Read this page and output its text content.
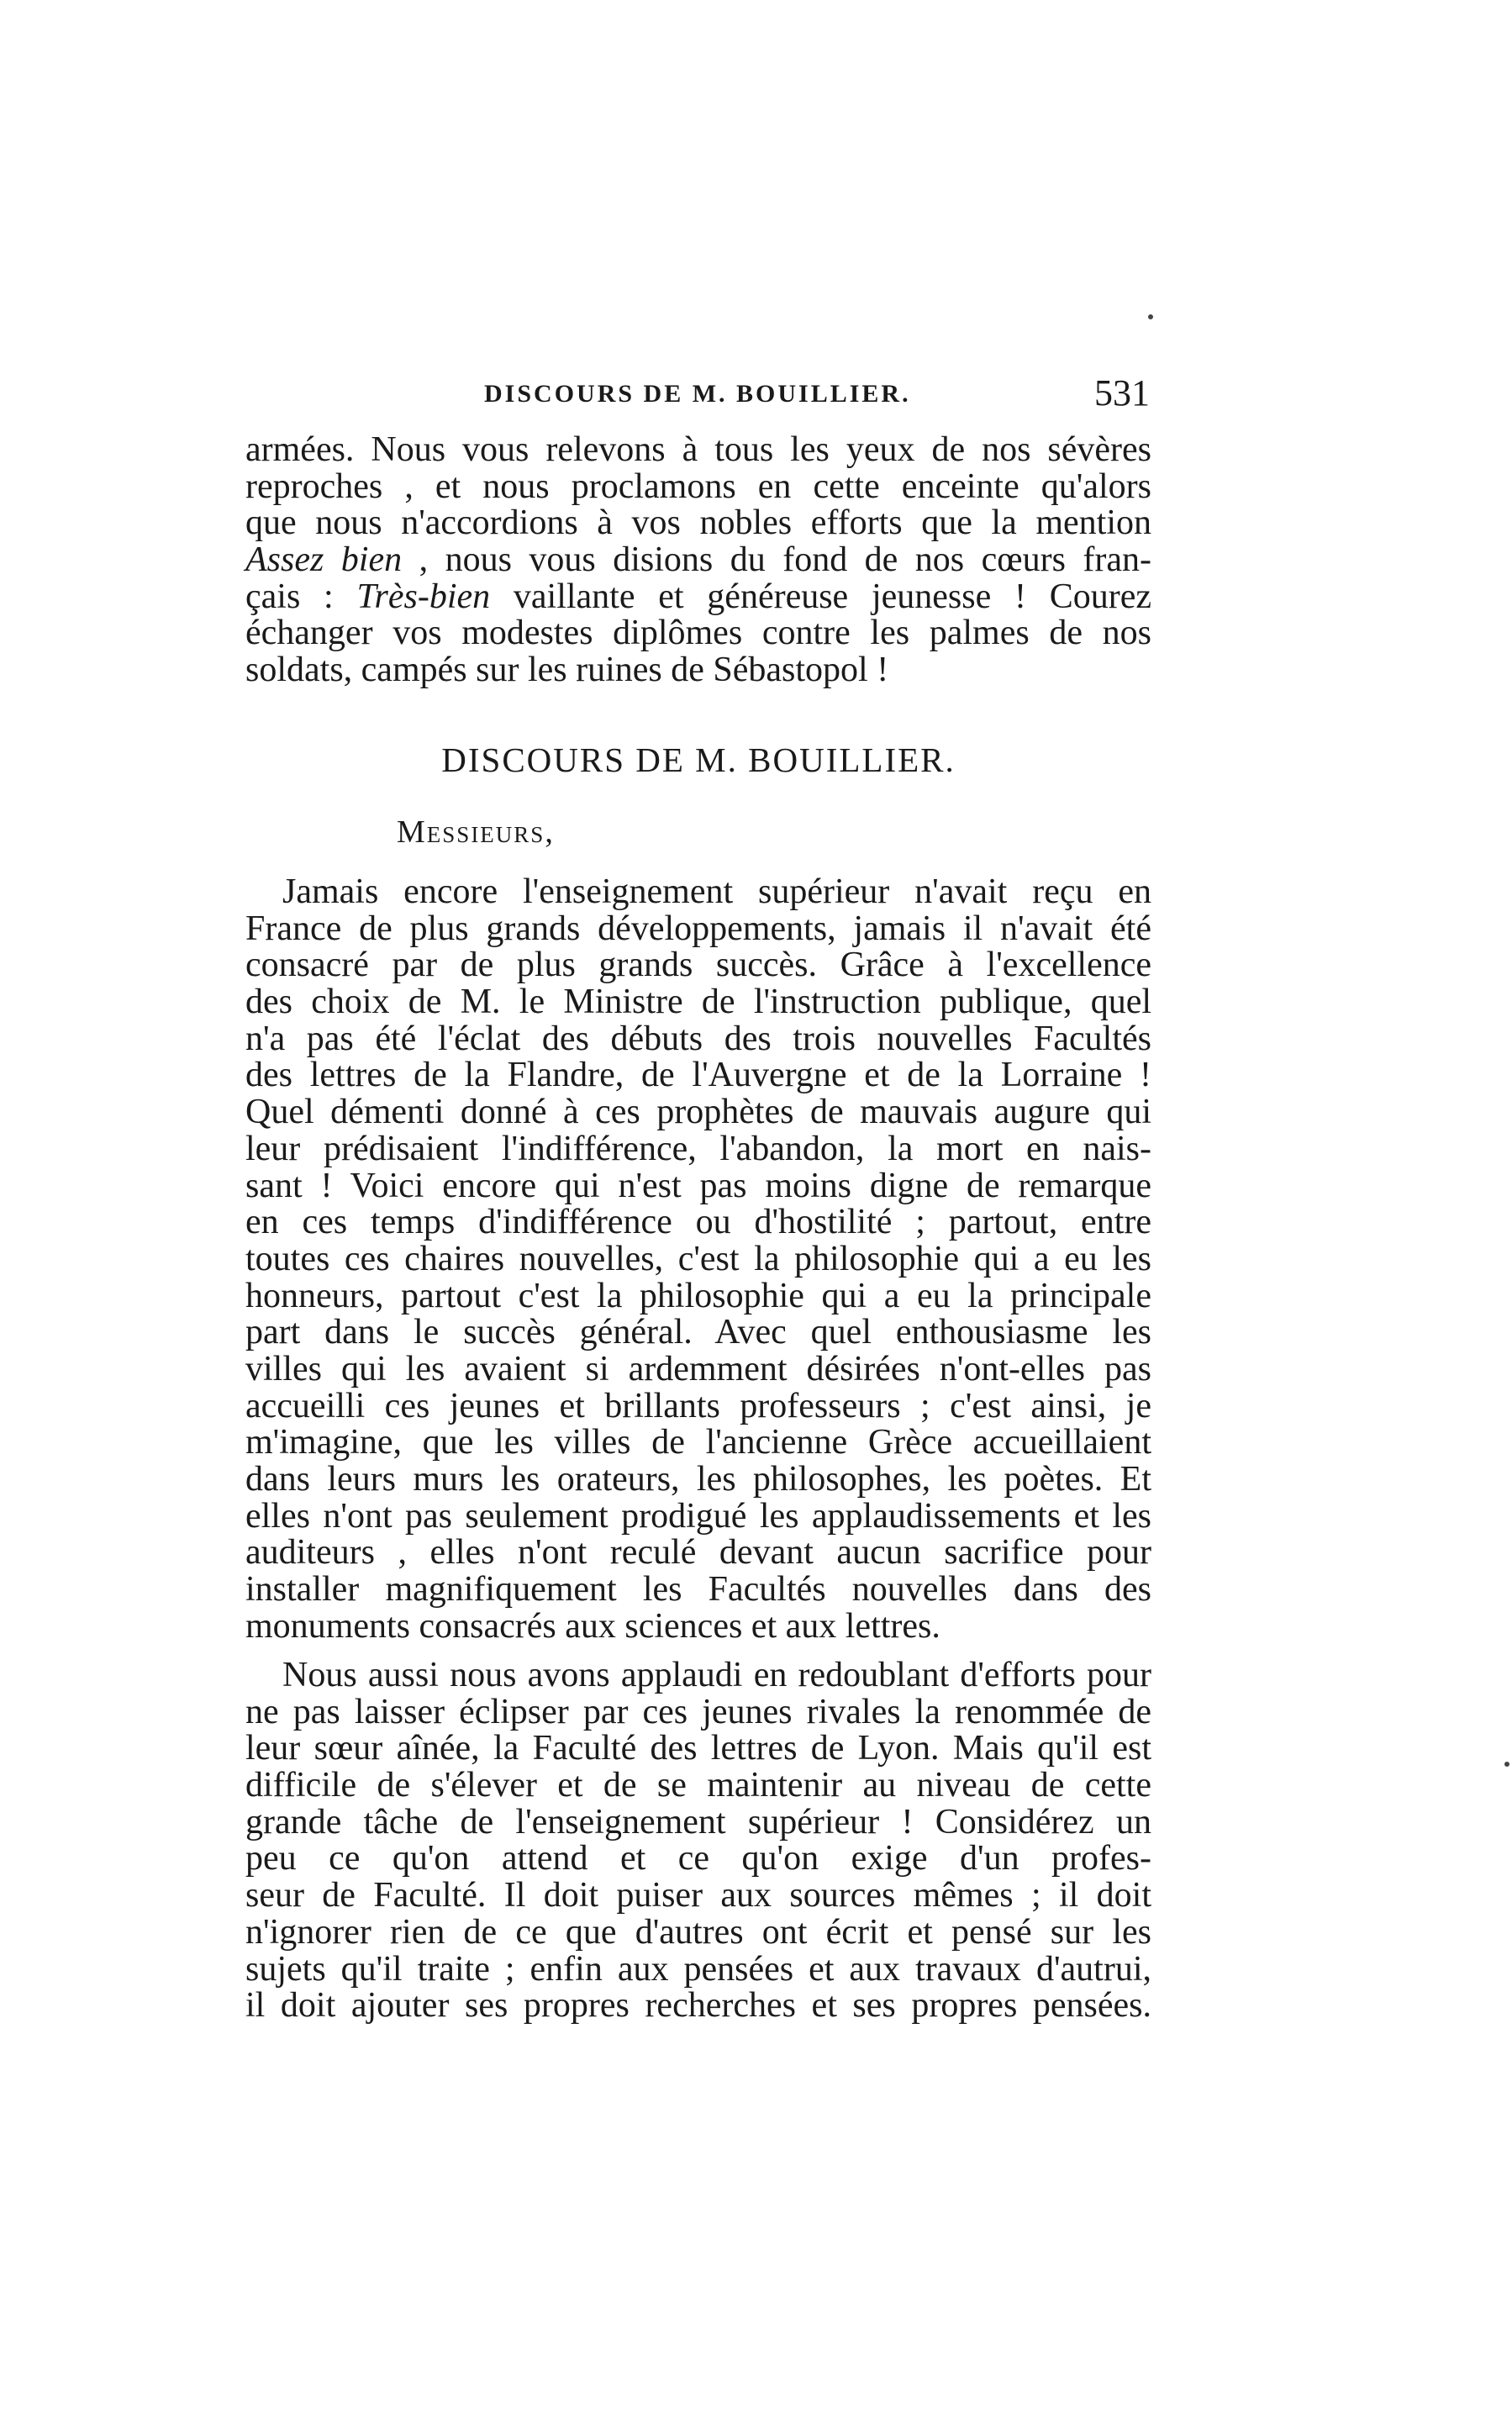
DISCOURS DE M. BOUILLIER.	531
armées. Nous vous relevons à tous les yeux de nos sévères
reproches , et nous proclamons en cette enceinte qu'alors
que nous n'accordions à vos nobles efforts que la mention
Assez bien , nous vous disions du fond de nos cœurs fran-
çais : Très-bien vaillante et généreuse jeunesse ! Courez
échanger vos modestes diplômes contre les palmes de nos
soldats, campés sur les ruines de Sébastopol !
DISCOURS DE M. BOUILLIER.
Messieurs,
Jamais encore l'enseignement supérieur n'avait reçu en
France de plus grands développements, jamais il n'avait été
consacré par de plus grands succès. Grâce à l'excellence
des choix de M. le Ministre de l'instruction publique, quel
n'a pas été l'éclat des débuts des trois nouvelles Facultés
des lettres de la Flandre, de l'Auvergne et de la Lorraine !
Quel démenti donné à ces prophètes de mauvais augure qui
leur prédisaient l'indifférence, l'abandon, la mort en nais-
sant ! Voici encore qui n'est pas moins digne de remarque
en ces temps d'indifférence ou d'hostilité ; partout, entre
toutes ces chaires nouvelles, c'est la philosophie qui a eu les
honneurs, partout c'est la philosophie qui a eu la principale
part dans le succès général. Avec quel enthousiasme les
villes qui les avaient si ardemment désirées n'ont-elles pas
accueilli ces jeunes et brillants professeurs ; c'est ainsi, je
m'imagine, que les villes de l'ancienne Grèce accueillaient
dans leurs murs les orateurs, les philosophes, les poètes. Et
elles n'ont pas seulement prodigué les applaudissements et les
auditeurs , elles n'ont reculé devant aucun sacrifice pour
installer magnifiquement les Facultés nouvelles dans des
monuments consacrés aux sciences et aux lettres.
Nous aussi nous avons applaudi en redoublant d'efforts pour
ne pas laisser éclipser par ces jeunes rivales la renommée de
leur sœur aînée, la Faculté des lettres de Lyon. Mais qu'il est
difficile de s'élever et de se maintenir au niveau de cette
grande tâche de l'enseignement supérieur ! Considérez un
peu ce qu'on attend et ce qu'on exige d'un profes-
seur de Faculté. Il doit puiser aux sources mêmes ; il doit
n'ignorer rien de ce que d'autres ont écrit et pensé sur les
sujets qu'il traite ; enfin aux pensées et aux travaux d'autrui,
il doit ajouter ses propres recherches et ses propres pensées.
